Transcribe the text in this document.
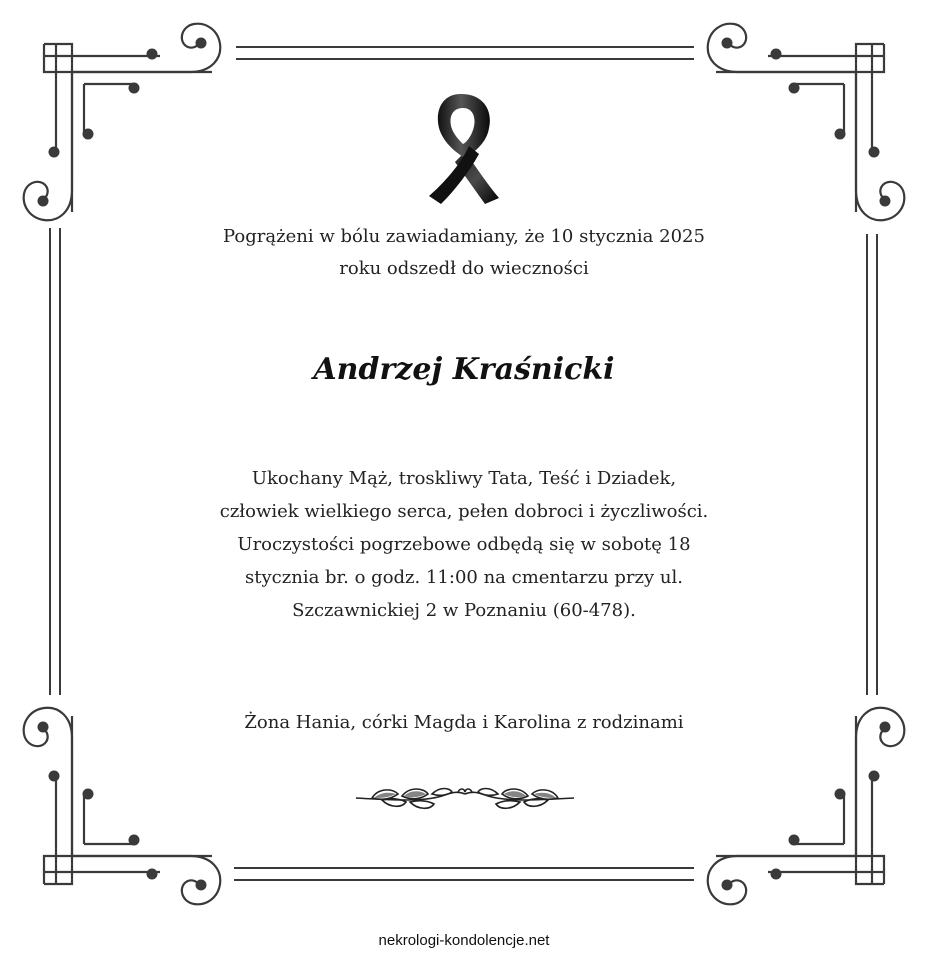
Pogrążeni w bólu zawiadamiany, że 10 stycznia 2025
roku odszedł do wieczności
Andrzej Kraśnicki
Ukochany Mąż, troskliwy Tata, Teść i Dziadek,
człowiek wielkiego serca, pełen dobroci i życzliwości.
Uroczystości pogrzebowe odbędą się w sobotę 18
stycznia br. o godz. 11:00 na cmentarzu przy ul.
Szczawnickiej 2 w Poznaniu (60-478).
Żona Hania, córki Magda i Karolina z rodzinami
nekrologi-kondolencje.net
